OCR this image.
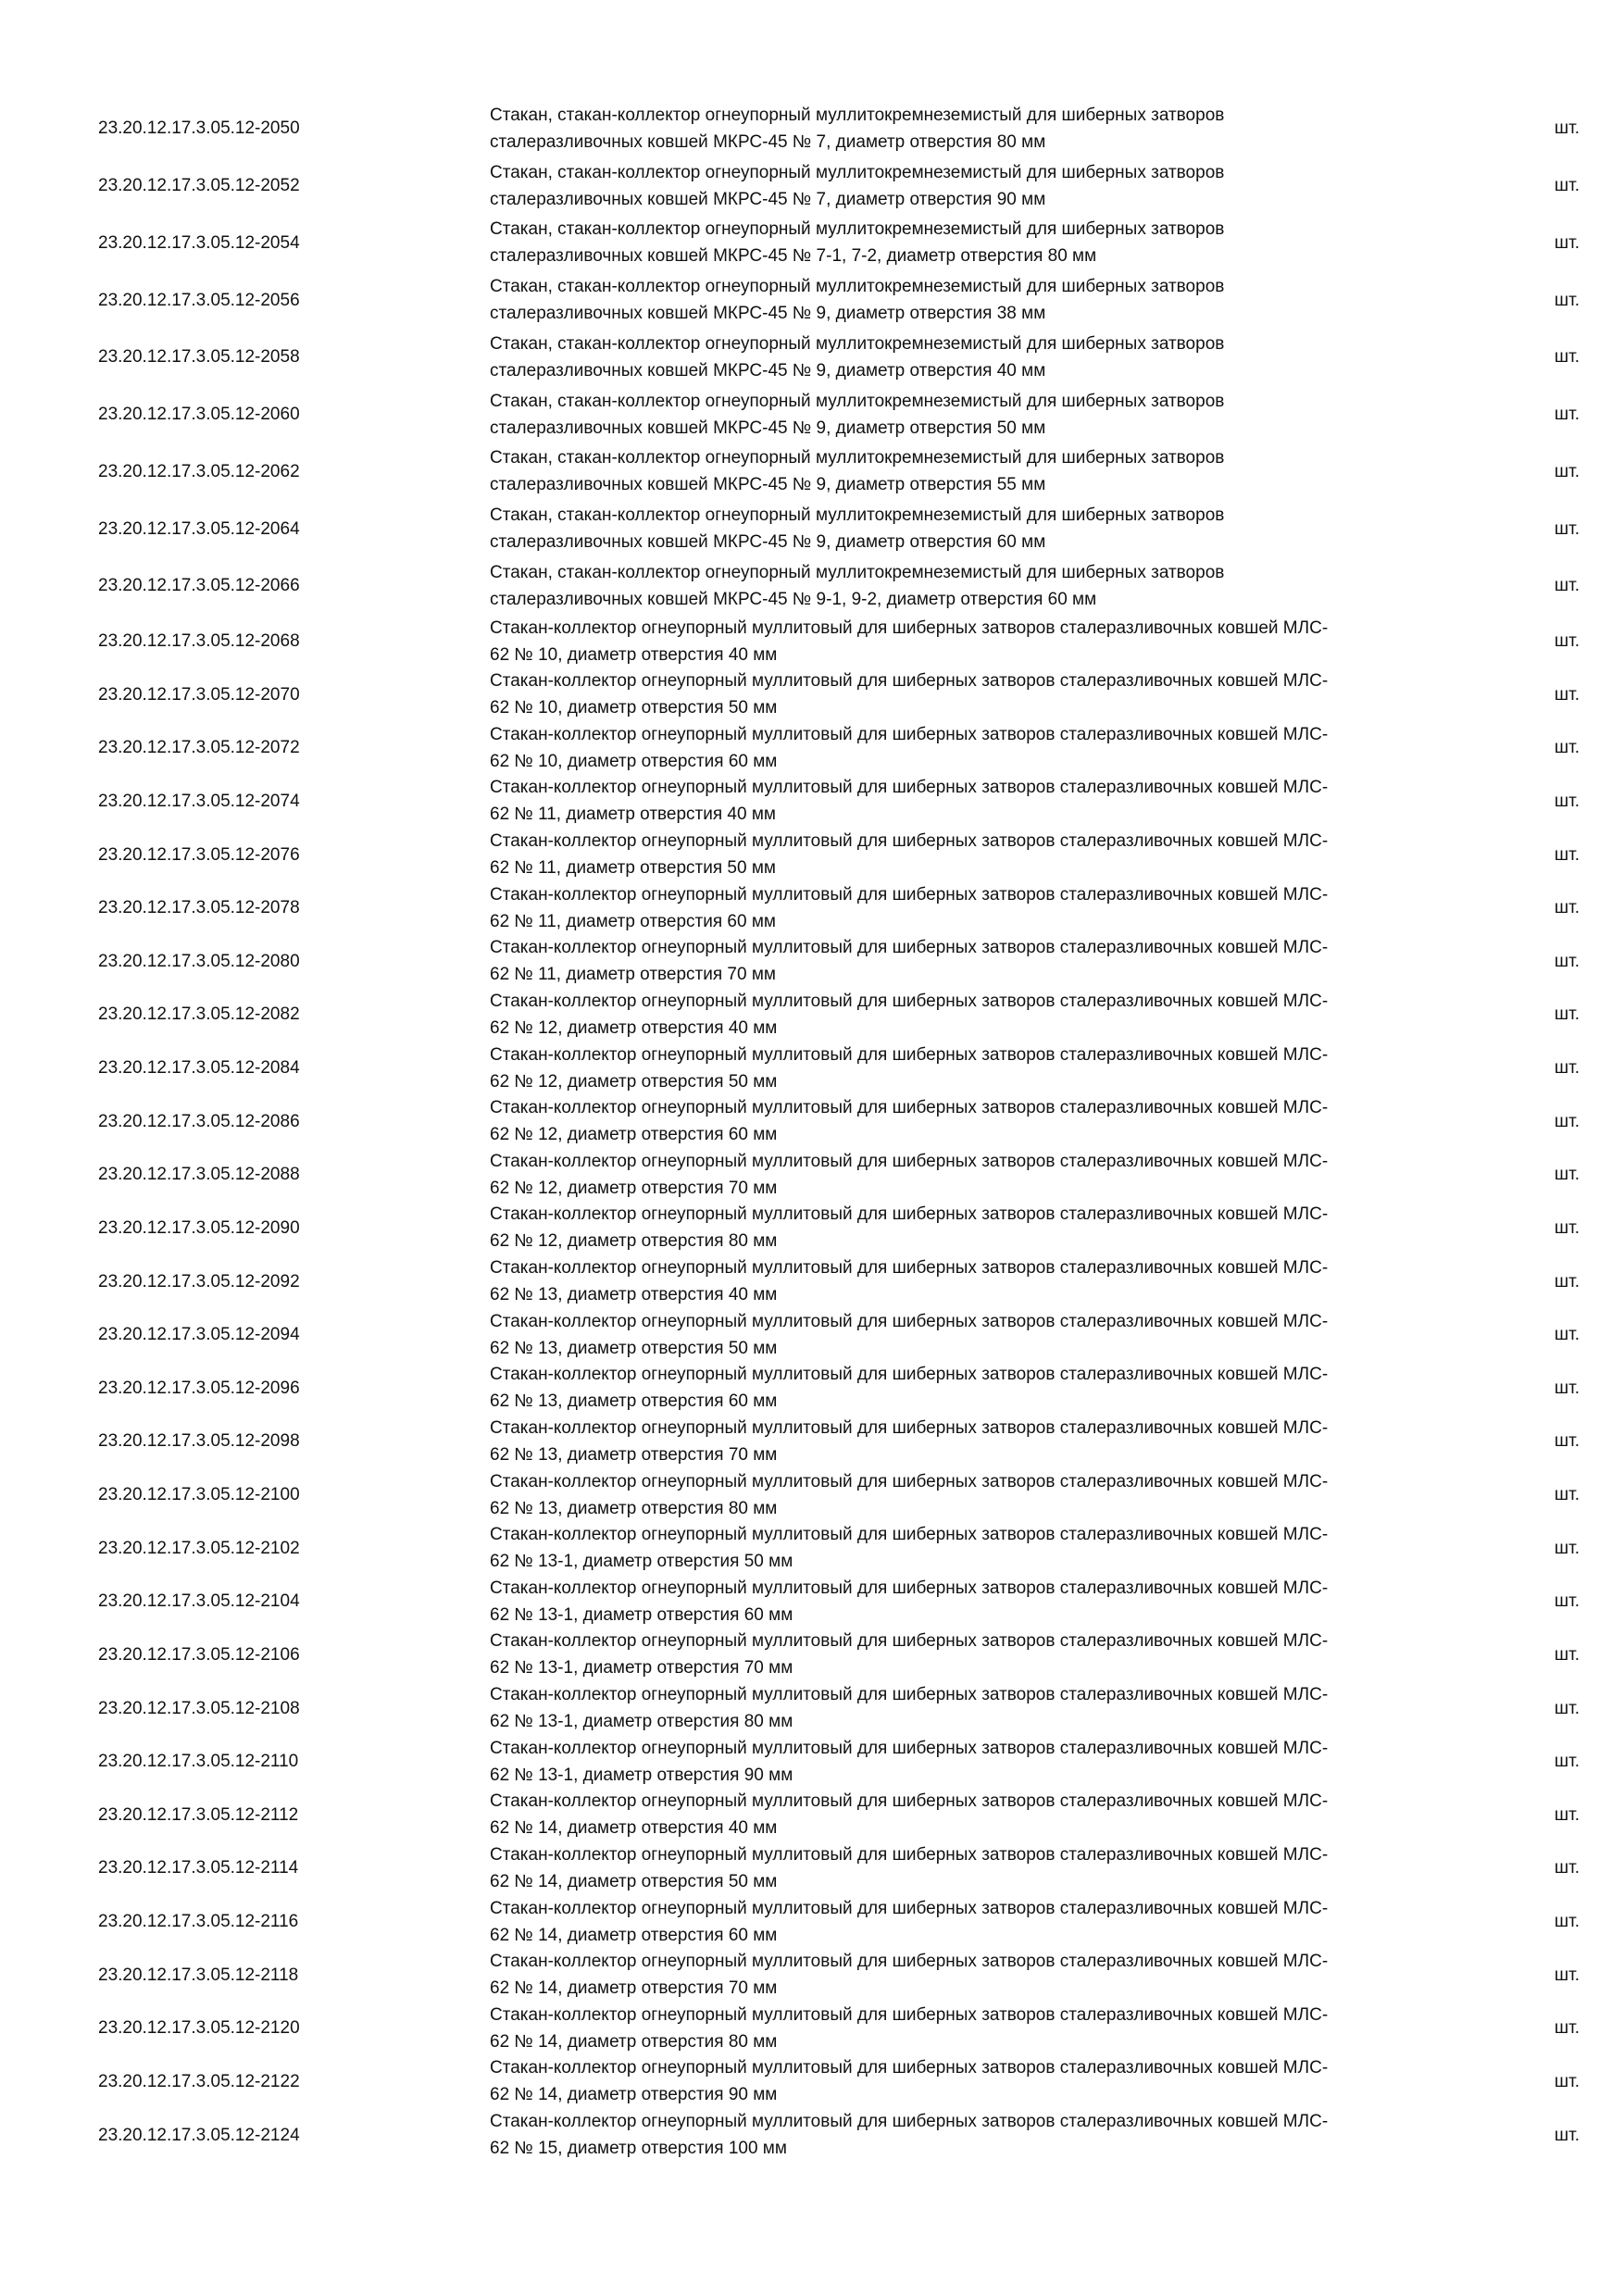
23.20.12.17.3.05.12-2050
Стакан, стакан-коллектор огнеупорный муллитокремнеземистый для шиберных затворов
сталеразливочных ковшей МКРС-45 № 7, диаметр отверстия 80 мм
шт.
23.20.12.17.3.05.12-2052
Стакан, стакан-коллектор огнеупорный муллитокремнеземистый для шиберных затворов
сталеразливочных ковшей МКРС-45 № 7, диаметр отверстия 90 мм
шт.
23.20.12.17.3.05.12-2054
Стакан, стакан-коллектор огнеупорный муллитокремнеземистый для шиберных затворов
сталеразливочных ковшей МКРС-45 № 7-1, 7-2, диаметр отверстия 80 мм
шт.
23.20.12.17.3.05.12-2056
Стакан, стакан-коллектор огнеупорный муллитокремнеземистый для шиберных затворов
сталеразливочных ковшей МКРС-45 № 9, диаметр отверстия 38 мм
шт.
23.20.12.17.3.05.12-2058
Стакан, стакан-коллектор огнеупорный муллитокремнеземистый для шиберных затворов
сталеразливочных ковшей МКРС-45 № 9, диаметр отверстия 40 мм
шт.
23.20.12.17.3.05.12-2060
Стакан, стакан-коллектор огнеупорный муллитокремнеземистый для шиберных затворов
сталеразливочных ковшей МКРС-45 № 9, диаметр отверстия 50 мм
шт.
23.20.12.17.3.05.12-2062
Стакан, стакан-коллектор огнеупорный муллитокремнеземистый для шиберных затворов
сталеразливочных ковшей МКРС-45 № 9, диаметр отверстия 55 мм
шт.
23.20.12.17.3.05.12-2064
Стакан, стакан-коллектор огнеупорный муллитокремнеземистый для шиберных затворов
сталеразливочных ковшей МКРС-45 № 9, диаметр отверстия 60 мм
шт.
23.20.12.17.3.05.12-2066
Стакан, стакан-коллектор огнеупорный муллитокремнеземистый для шиберных затворов
сталеразливочных ковшей МКРС-45 № 9-1, 9-2, диаметр отверстия 60 мм
шт.
23.20.12.17.3.05.12-2068
Стакан-коллектор огнеупорный муллитовый для шиберных затворов сталеразливочных ковшей МЛС-
62 № 10, диаметр отверстия 40 мм
шт.
23.20.12.17.3.05.12-2070
Стакан-коллектор огнеупорный муллитовый для шиберных затворов сталеразливочных ковшей МЛС-
62 № 10, диаметр отверстия 50 мм
шт.
23.20.12.17.3.05.12-2072
Стакан-коллектор огнеупорный муллитовый для шиберных затворов сталеразливочных ковшей МЛС-
62 № 10, диаметр отверстия 60 мм
шт.
23.20.12.17.3.05.12-2074
Стакан-коллектор огнеупорный муллитовый для шиберных затворов сталеразливочных ковшей МЛС-
62 № 11, диаметр отверстия 40 мм
шт.
23.20.12.17.3.05.12-2076
Стакан-коллектор огнеупорный муллитовый для шиберных затворов сталеразливочных ковшей МЛС-
62 № 11, диаметр отверстия 50 мм
шт.
23.20.12.17.3.05.12-2078
Стакан-коллектор огнеупорный муллитовый для шиберных затворов сталеразливочных ковшей МЛС-
62 № 11, диаметр отверстия 60 мм
шт.
23.20.12.17.3.05.12-2080
Стакан-коллектор огнеупорный муллитовый для шиберных затворов сталеразливочных ковшей МЛС-
62 № 11, диаметр отверстия 70 мм
шт.
23.20.12.17.3.05.12-2082
Стакан-коллектор огнеупорный муллитовый для шиберных затворов сталеразливочных ковшей МЛС-
62 № 12, диаметр отверстия 40 мм
шт.
23.20.12.17.3.05.12-2084
Стакан-коллектор огнеупорный муллитовый для шиберных затворов сталеразливочных ковшей МЛС-
62 № 12, диаметр отверстия 50 мм
шт.
23.20.12.17.3.05.12-2086
Стакан-коллектор огнеупорный муллитовый для шиберных затворов сталеразливочных ковшей МЛС-
62 № 12, диаметр отверстия 60 мм
шт.
23.20.12.17.3.05.12-2088
Стакан-коллектор огнеупорный муллитовый для шиберных затворов сталеразливочных ковшей МЛС-
62 № 12, диаметр отверстия 70 мм
шт.
23.20.12.17.3.05.12-2090
Стакан-коллектор огнеупорный муллитовый для шиберных затворов сталеразливочных ковшей МЛС-
62 № 12, диаметр отверстия 80 мм
шт.
23.20.12.17.3.05.12-2092
Стакан-коллектор огнеупорный муллитовый для шиберных затворов сталеразливочных ковшей МЛС-
62 № 13, диаметр отверстия 40 мм
шт.
23.20.12.17.3.05.12-2094
Стакан-коллектор огнеупорный муллитовый для шиберных затворов сталеразливочных ковшей МЛС-
62 № 13, диаметр отверстия 50 мм
шт.
23.20.12.17.3.05.12-2096
Стакан-коллектор огнеупорный муллитовый для шиберных затворов сталеразливочных ковшей МЛС-
62 № 13, диаметр отверстия 60 мм
шт.
23.20.12.17.3.05.12-2098
Стакан-коллектор огнеупорный муллитовый для шиберных затворов сталеразливочных ковшей МЛС-
62 № 13, диаметр отверстия 70 мм
шт.
23.20.12.17.3.05.12-2100
Стакан-коллектор огнеупорный муллитовый для шиберных затворов сталеразливочных ковшей МЛС-
62 № 13, диаметр отверстия 80 мм
шт.
23.20.12.17.3.05.12-2102
Стакан-коллектор огнеупорный муллитовый для шиберных затворов сталеразливочных ковшей МЛС-
62 № 13-1, диаметр отверстия 50 мм
шт.
23.20.12.17.3.05.12-2104
Стакан-коллектор огнеупорный муллитовый для шиберных затворов сталеразливочных ковшей МЛС-
62 № 13-1, диаметр отверстия 60 мм
шт.
23.20.12.17.3.05.12-2106
Стакан-коллектор огнеупорный муллитовый для шиберных затворов сталеразливочных ковшей МЛС-
62 № 13-1, диаметр отверстия 70 мм
шт.
23.20.12.17.3.05.12-2108
Стакан-коллектор огнеупорный муллитовый для шиберных затворов сталеразливочных ковшей МЛС-
62 № 13-1, диаметр отверстия 80 мм
шт.
23.20.12.17.3.05.12-2110
Стакан-коллектор огнеупорный муллитовый для шиберных затворов сталеразливочных ковшей МЛС-
62 № 13-1, диаметр отверстия 90 мм
шт.
23.20.12.17.3.05.12-2112
Стакан-коллектор огнеупорный муллитовый для шиберных затворов сталеразливочных ковшей МЛС-
62 № 14, диаметр отверстия 40 мм
шт.
23.20.12.17.3.05.12-2114
Стакан-коллектор огнеупорный муллитовый для шиберных затворов сталеразливочных ковшей МЛС-
62 № 14, диаметр отверстия 50 мм
шт.
23.20.12.17.3.05.12-2116
Стакан-коллектор огнеупорный муллитовый для шиберных затворов сталеразливочных ковшей МЛС-
62 № 14, диаметр отверстия 60 мм
шт.
23.20.12.17.3.05.12-2118
Стакан-коллектор огнеупорный муллитовый для шиберных затворов сталеразливочных ковшей МЛС-
62 № 14, диаметр отверстия 70 мм
шт.
23.20.12.17.3.05.12-2120
Стакан-коллектор огнеупорный муллитовый для шиберных затворов сталеразливочных ковшей МЛС-
62 № 14, диаметр отверстия 80 мм
шт.
23.20.12.17.3.05.12-2122
Стакан-коллектор огнеупорный муллитовый для шиберных затворов сталеразливочных ковшей МЛС-
62 № 14, диаметр отверстия 90 мм
шт.
23.20.12.17.3.05.12-2124
Стакан-коллектор огнеупорный муллитовый для шиберных затворов сталеразливочных ковшей МЛС-
62 № 15, диаметр отверстия 100 мм
шт.
